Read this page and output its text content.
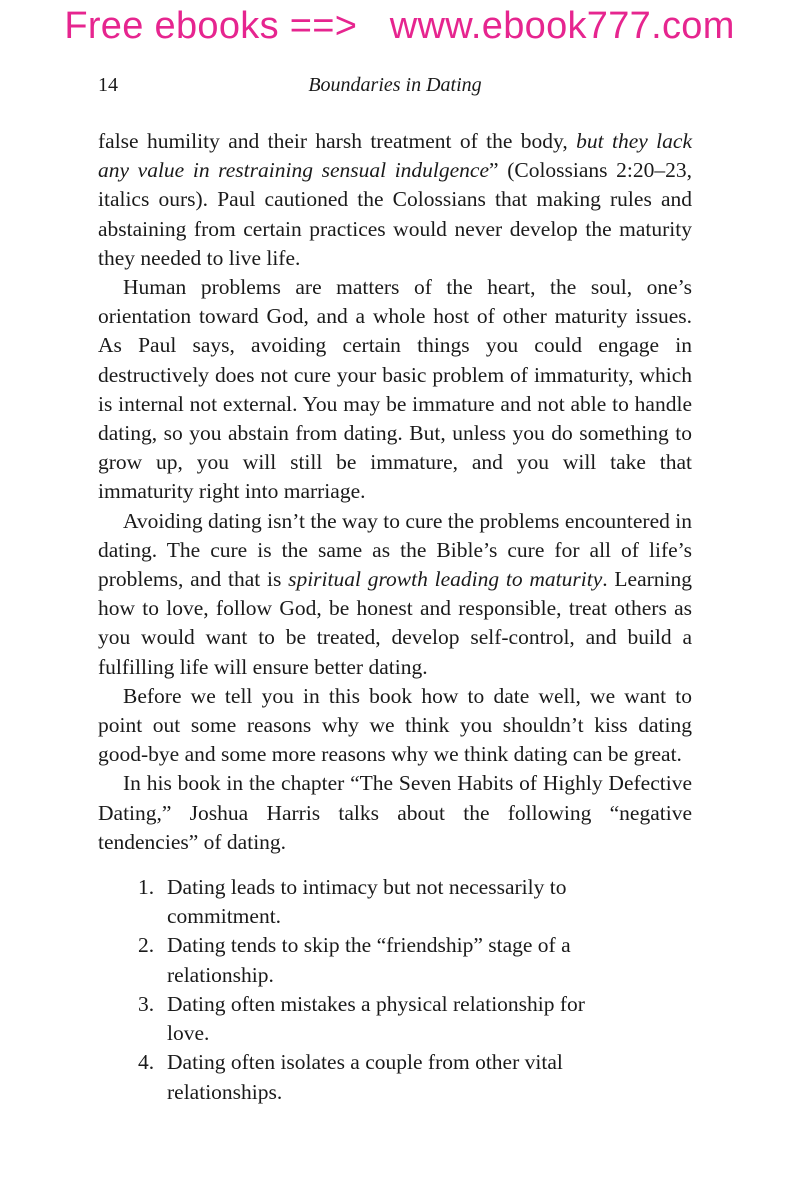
Free ebooks ==>   www.ebook777.com
14	Boundaries in Dating

false humility and their harsh treatment of the body, but they lack any value in restraining sensual indulgence” (Colossians 2:20–23, italics ours). Paul cautioned the Colossians that making rules and abstaining from certain practices would never develop the maturity they needed to live life.

Human problems are matters of the heart, the soul, one’s orientation toward God, and a whole host of other maturity issues. As Paul says, avoiding certain things you could engage in destructively does not cure your basic problem of immaturity, which is internal not external. You may be immature and not able to handle dating, so you abstain from dating. But, unless you do something to grow up, you will still be immature, and you will take that immaturity right into marriage.

Avoiding dating isn’t the way to cure the problems encountered in dating. The cure is the same as the Bible’s cure for all of life’s problems, and that is spiritual growth leading to maturity. Learning how to love, follow God, be honest and responsible, treat others as you would want to be treated, develop self-control, and build a fulfilling life will ensure better dating.

Before we tell you in this book how to date well, we want to point out some reasons why we think you shouldn’t kiss dating good-bye and some more reasons why we think dating can be great.

In his book in the chapter “The Seven Habits of Highly Defective Dating,” Joshua Harris talks about the following “negative tendencies” of dating.

1. Dating leads to intimacy but not necessarily to commitment.
2. Dating tends to skip the “friendship” stage of a relationship.
3. Dating often mistakes a physical relationship for love.
4. Dating often isolates a couple from other vital relationships.
